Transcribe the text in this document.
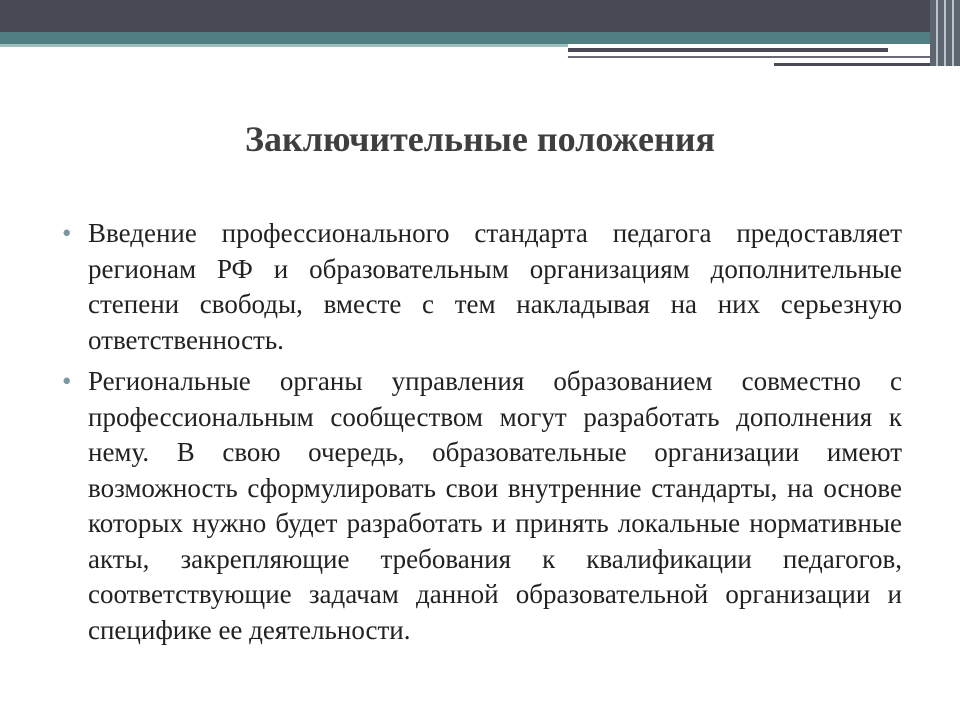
Заключительные положения
• Введение профессионального стандарта педагога предоставляет регионам РФ и образовательным организациям дополнительные степени свободы, вместе с тем накладывая на них серьезную ответственность.
• Региональные органы управления образованием совместно с профессиональным сообществом могут разработать дополнения к нему. В свою очередь, образовательные организации имеют возможность сформулировать свои внутренние стандарты, на основе которых нужно будет разработать и принять локальные нормативные акты, закрепляющие требования к квалификации педагогов, соответствующие задачам данной образовательной организации и специфике ее деятельности.
